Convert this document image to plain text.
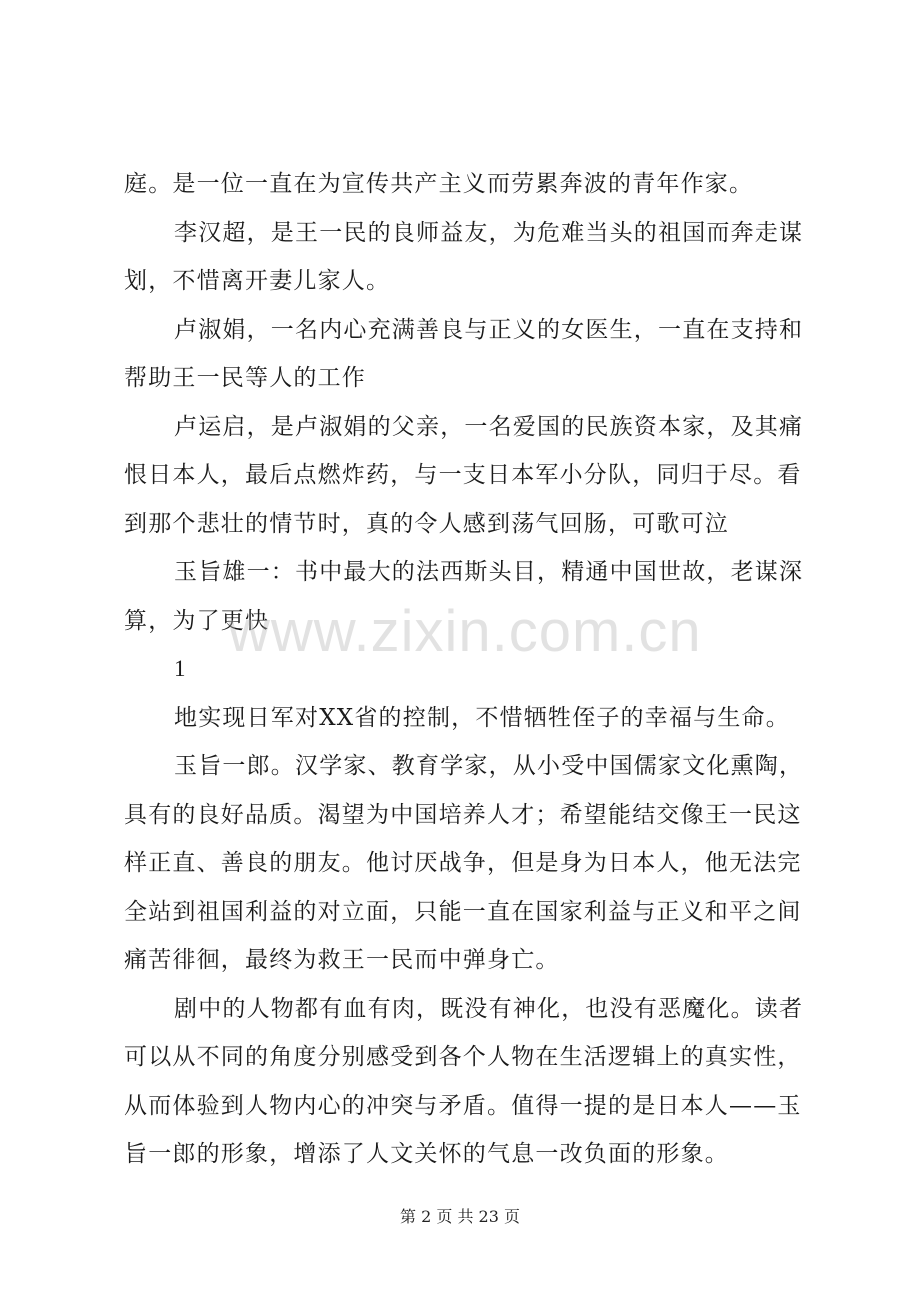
庭。是一位一直在为宣传共产主义而劳累奔波的青年作家。

李汉超，是王一民的良师益友，为危难当头的祖国而奔走谋

划，不惜离开妻儿家人。

卢淑娟，一名内心充满善良与正义的女医生，一直在支持和

帮助王一民等人的工作

卢运启，是卢淑娟的父亲，一名爱国的民族资本家，及其痛

恨日本人，最后点燃炸药，与一支日本军小分队，同归于尽。看

到那个悲壮的情节时，真的令人感到荡气回肠，可歌可泣

玉旨雄一：书中最大的法西斯头目，精通中国世故，老谋深

算，为了更快

1

地实现日军对XX省的控制，不惜牺牲侄子的幸福与生命。

玉旨一郎。汉学家、教育学家，从小受中国儒家文化熏陶，

具有的良好品质。渴望为中国培养人才；希望能结交像王一民这

样正直、善良的朋友。他讨厌战争，但是身为日本人，他无法完

全站到祖国利益的对立面，只能一直在国家利益与正义和平之间

痛苦徘徊，最终为救王一民而中弹身亡。

剧中的人物都有血有肉，既没有神化，也没有恶魔化。读者

可以从不同的角度分别感受到各个人物在生活逻辑上的真实性，

从而体验到人物内心的冲突与矛盾。值得一提的是日本人——玉

旨一郎的形象，增添了人文关怀的气息一改负面的形象。

www.zixin.com.cn
第 2 页 共 23 页
